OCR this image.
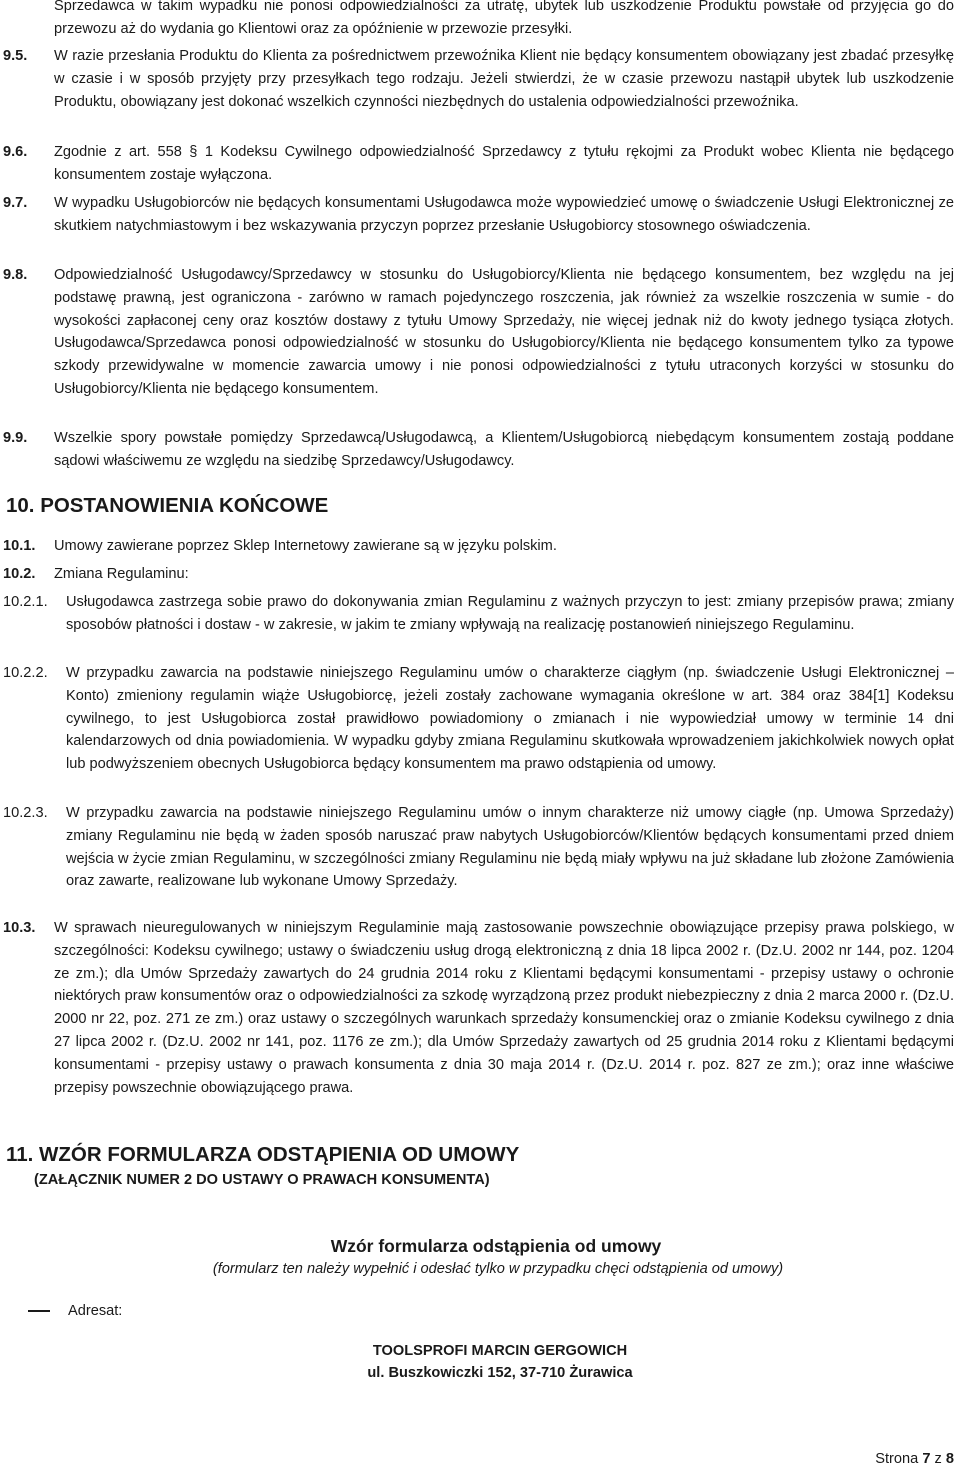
Sprzedawca w takim wypadku nie ponosi odpowiedzialności za utratę, ubytek lub uszkodzenie Produktu powstałe od przyjęcia go do przewozu aż do wydania go Klientowi oraz za opóźnienie w przewozie przesyłki.

9.5. W razie przesłania Produktu do Klienta za pośrednictwem przewoźnika Klient nie będący konsumentem obowiązany jest zbadać przesyłkę w czasie i w sposób przyjęty przy przesyłkach tego rodzaju. Jeżeli stwierdzi, że w czasie przewozu nastąpił ubytek lub uszkodzenie Produktu, obowiązany jest dokonać wszelkich czynności niezbędnych do ustalenia odpowiedzialności przewoźnika.

9.6. Zgodnie z art. 558 § 1 Kodeksu Cywilnego odpowiedzialność Sprzedawcy z tytułu rękojmi za Produkt wobec Klienta nie będącego konsumentem zostaje wyłączona.

9.7. W wypadku Usługobiorców nie będących konsumentami Usługodawca może wypowiedzieć umowę o świadczenie Usługi Elektronicznej ze skutkiem natychmiastowym i bez wskazywania przyczyn poprzez przesłanie Usługobiorcy stosownego oświadczenia.

9.8. Odpowiedzialność Usługodawcy/Sprzedawcy w stosunku do Usługobiorcy/Klienta nie będącego konsumentem, bez względu na jej podstawę prawną, jest ograniczona - zarówno w ramach pojedynczego roszczenia, jak również za wszelkie roszczenia w sumie - do wysokości zapłaconej ceny oraz kosztów dostawy z tytułu Umowy Sprzedaży, nie więcej jednak niż do kwoty jednego tysiąca złotych. Usługodawca/Sprzedawca ponosi odpowiedzialność w stosunku do Usługobiorcy/Klienta nie będącego konsumentem tylko za typowe szkody przewidywalne w momencie zawarcia umowy i nie ponosi odpowiedzialności z tytułu utraconych korzyści w stosunku do Usługobiorcy/Klienta nie będącego konsumentem.

9.9. Wszelkie spory powstałe pomiędzy Sprzedawcą/Usługodawcą, a Klientem/Usługobiorcą niebędącym konsumentem zostają poddane sądowi właściwemu ze względu na siedzibę Sprzedawcy/Usługodawcy.

10. POSTANOWIENIA KOŃCOWE
10.1. Umowy zawierane poprzez Sklep Internetowy zawierane są w języku polskim.

10.2. Zmiana Regulaminu:

10.2.1. Usługodawca zastrzega sobie prawo do dokonywania zmian Regulaminu z ważnych przyczyn to jest: zmiany przepisów prawa; zmiany sposobów płatności i dostaw - w zakresie, w jakim te zmiany wpływają na realizację postanowień niniejszego Regulaminu.

10.2.2. W przypadku zawarcia na podstawie niniejszego Regulaminu umów o charakterze ciągłym (np. świadczenie Usługi Elektronicznej – Konto) zmieniony regulamin wiąże Usługobiorcę, jeżeli zostały zachowane wymagania określone w art. 384 oraz 384[1] Kodeksu cywilnego, to jest Usługobiorca został prawidłowo powiadomiony o zmianach i nie wypowiedział umowy w terminie 14 dni kalendarzowych od dnia powiadomienia. W wypadku gdyby zmiana Regulaminu skutkowała wprowadzeniem jakichkolwiek nowych opłat lub podwyższeniem obecnych Usługobiorca będący konsumentem ma prawo odstąpienia od umowy.

10.2.3. W przypadku zawarcia na podstawie niniejszego Regulaminu umów o innym charakterze niż umowy ciągłe (np. Umowa Sprzedaży) zmiany Regulaminu nie będą w żaden sposób naruszać praw nabytych Usługobiorców/Klientów będących konsumentami przed dniem wejścia w życie zmian Regulaminu, w szczególności zmiany Regulaminu nie będą miały wpływu na już składane lub złożone Zamówienia oraz zawarte, realizowane lub wykonane Umowy Sprzedaży.

10.3. W sprawach nieuregulowanych w niniejszym Regulaminie mają zastosowanie powszechnie obowiązujące przepisy prawa polskiego, w szczególności: Kodeksu cywilnego; ustawy o świadczeniu usług drogą elektroniczną z dnia 18 lipca 2002 r. (Dz.U. 2002 nr 144, poz. 1204 ze zm.); dla Umów Sprzedaży zawartych do 24 grudnia 2014 roku z Klientami będącymi konsumentami - przepisy ustawy o ochronie niektórych praw konsumentów oraz o odpowiedzialności za szkodę wyrządzoną przez produkt niebezpieczny z dnia 2 marca 2000 r. (Dz.U. 2000 nr 22, poz. 271 ze zm.) oraz ustawy o szczególnych warunkach sprzedaży konsumenckiej oraz o zmianie Kodeksu cywilnego z dnia 27 lipca 2002 r. (Dz.U. 2002 nr 141, poz. 1176 ze zm.); dla Umów Sprzedaży zawartych od 25 grudnia 2014 roku z Klientami będącymi konsumentami - przepisy ustawy o prawach konsumenta z dnia 30 maja 2014 r. (Dz.U. 2014 r. poz. 827 ze zm.); oraz inne właściwe przepisy powszechnie obowiązującego prawa.

11. WZÓR FORMULARZA ODSTĄPIENIA OD UMOWY
(ZAŁĄCZNIK NUMER 2 DO USTAWY O PRAWACH KONSUMENTA)
Wzór formularza odstąpienia od umowy
(formularz ten należy wypełnić i odesłać tylko w przypadku chęci odstąpienia od umowy)
Adresat:
TOOLSPROFI MARCIN GERGOWICH
ul. Buszkowiczki 152, 37-710 Żurawica
Strona 7 z 8
